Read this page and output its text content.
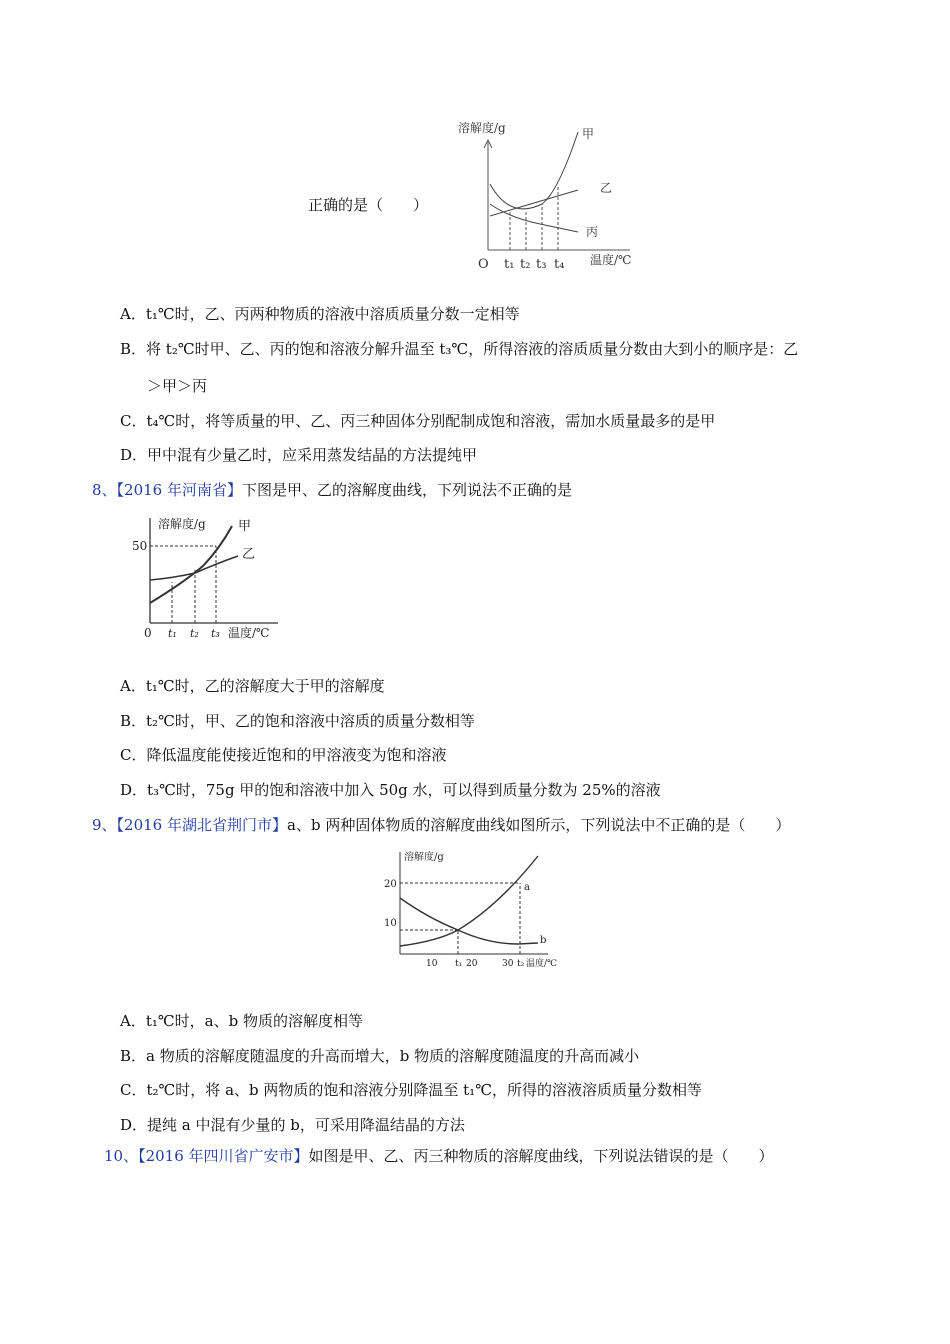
正确的是（　　）
溶解度/g
O t₁ t₂ t₃ t₄ 温度/℃
甲
乙
丙
A．t₁℃时，乙、丙两种物质的溶液中溶质质量分数一定相等
B．将 t₂℃时甲、乙、丙的饱和溶液分解升温至 t₃℃，所得溶液的溶质质量分数由大到小的顺序是：乙
＞甲＞丙
C．t₄℃时，将等质量的甲、乙、丙三种固体分别配制成饱和溶液，需加水质量最多的是甲
D．甲中混有少量乙时，应采用蒸发结晶的方法提纯甲
8、【2016 年河南省】下图是甲、乙的溶解度曲线，下列说法不正确的是
溶解度/g
50
0 t₁ t₂ t₃ 温度/℃
甲
乙
A．t₁℃时，乙的溶解度大于甲的溶解度
B．t₂℃时，甲、乙的饱和溶液中溶质的质量分数相等
C．降低温度能使接近饱和的甲溶液变为饱和溶液
D．t₃℃时，75g 甲的饱和溶液中加入 50g 水，可以得到质量分数为 25%的溶液
9、【2016 年湖北省荆门市】a、b 两种固体物质的溶解度曲线如图所示，下列说法中不正确的是（　　）
溶解度/g
20
10
10 t₁ 20	30 t₂ 温度/℃
a
b
A．t₁℃时，a、b 物质的溶解度相等
B．a 物质的溶解度随温度的升高而增大，b 物质的溶解度随温度的升高而减小
C．t₂℃时，将 a、b 两物质的饱和溶液分别降温至 t₁℃，所得的溶液溶质质量分数相等
D．提纯 a 中混有少量的 b，可采用降温结晶的方法
10、【2016 年四川省广安市】如图是甲、乙、丙三种物质的溶解度曲线，下列说法错误的是（　　）
